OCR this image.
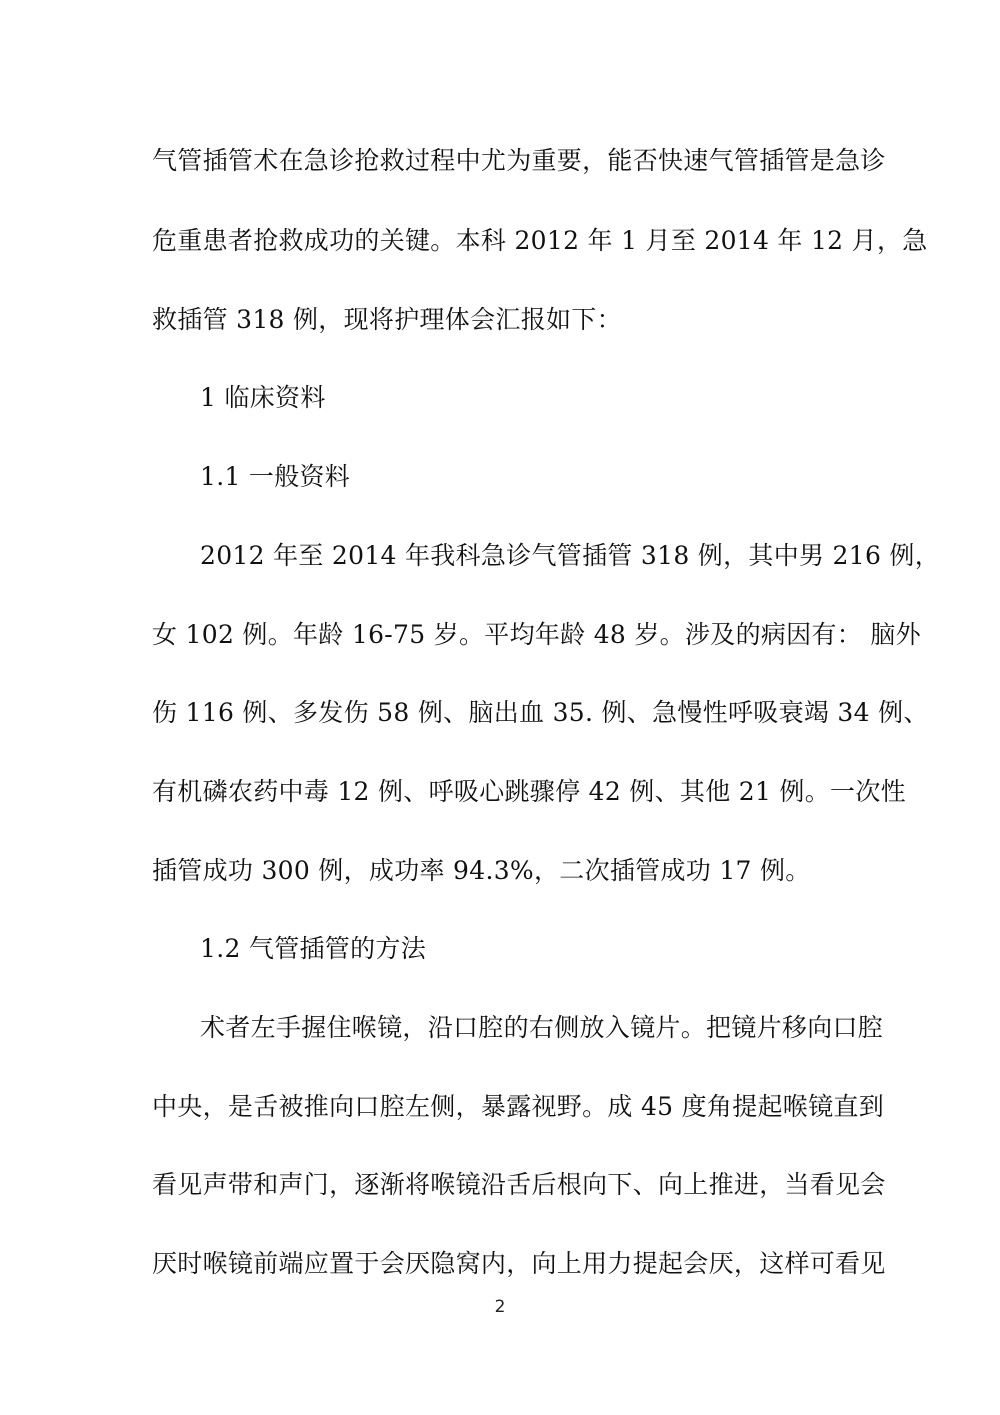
气管插管术在急诊抢救过程中尤为重要，能否快速气管插管是急诊
危重患者抢救成功的关键。本科 2012 年 1 月至 2014 年 12 月，急
救插管 318 例，现将护理体会汇报如下：
1 临床资料
1.1 一般资料
2012 年至 2014 年我科急诊气管插管 318 例，其中男 216 例，
女 102 例。年龄 16-75 岁。平均年龄 48 岁。涉及的病因有： 脑外
伤 116 例、多发伤 58 例、脑出血 35. 例、急慢性呼吸衰竭 34 例、
有机磷农药中毒 12 例、呼吸心跳骤停 42 例、其他 21 例。一次性
插管成功 300 例，成功率 94.3%，二次插管成功 17 例。
1.2 气管插管的方法
术者左手握住喉镜，沿口腔的右侧放入镜片。把镜片移向口腔
中央，是舌被推向口腔左侧，暴露视野。成 45 度角提起喉镜直到
看见声带和声门，逐渐将喉镜沿舌后根向下、向上推进，当看见会
厌时喉镜前端应置于会厌隐窝内，向上用力提起会厌，这样可看见
2
